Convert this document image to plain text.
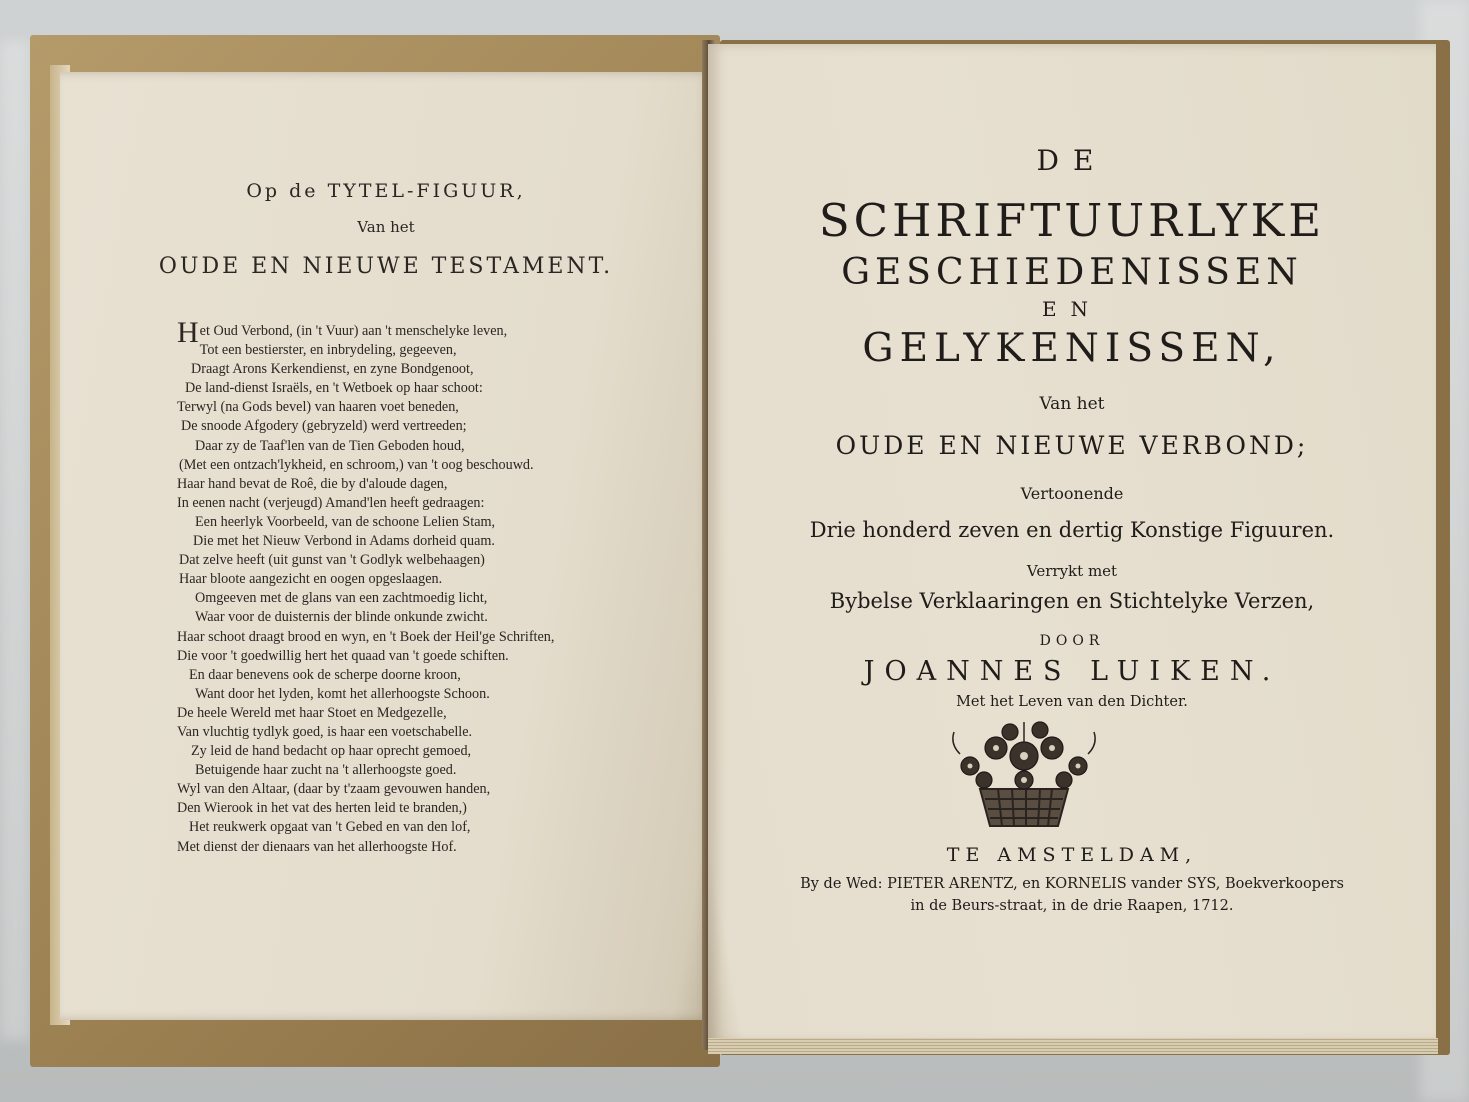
Op de TYTEL-FIGUUR,
Van het
OUDE EN NIEUWE TESTAMENT.
Het Oud Verbond, (in 't Vuur) aan 't menschelyke leven,
Tot een bestierster, en inbrydeling, gegeeven,
Draagt Arons Kerkendienst, en zyne Bondgenoot,
De land-dienst Israëls, en 't Wetboek op haar schoot:
Terwyl (na Gods bevel) van haaren voet beneden,
De snoode Afgodery (gebryzeld) werd vertreeden;
Daar zy de Taaf'len van de Tien Geboden houd,
(Met een ontzach'lykheid, en schroom,) van 't oog beschouwd.
Haar hand bevat de Roê, die by d'aloude dagen,
In eenen nacht (verjeugd) Amand'len heeft gedraagen:
Een heerlyk Voorbeeld, van de schoone Lelien Stam,
Die met het Nieuw Verbond in Adams dorheid quam.
Dat zelve heeft (uit gunst van 't Godlyk welbehaagen)
Haar bloote aangezicht en oogen opgeslaagen.
Omgeeven met de glans van een zachtmoedig licht,
Waar voor de duisternis der blinde onkunde zwicht.
Haar schoot draagt brood en wyn, en 't Boek der Heil'ge Schriften,
Die voor 't goedwillig hert het quaad van 't goede schiften.
En daar benevens ook de scherpe doorne kroon,
Want door het lyden, komt het allerhoogste Schoon.
De heele Wereld met haar Stoet en Medgezelle,
Van vluchtig tydlyk goed, is haar een voetschabelle.
Zy leid de hand bedacht op haar oprecht gemoed,
Betuigende haar zucht na 't allerhoogste goed.
Wyl van den Altaar, (daar by t'zaam gevouwen handen,
Den Wierook in het vat des herten leid te branden,)
Het reukwerk opgaat van 't Gebed en van den lof,
Met dienst der dienaars van het allerhoogste Hof.
DE
SCHRIFTUURLYKE
GESCHIEDENISSEN
EN
GELYKENISSEN,
Van het
OUDE EN NIEUWE VERBOND;
Vertoonende
Drie honderd zeven en dertig Konstige Figuuren.
Verrykt met
Bybelse Verklaaringen en Stichtelyke Verzen,
DOOR
JOANNES LUIKEN.
Met het Leven van den Dichter.
TE AMSTELDAM,
By de Wed: PIETER ARENTZ, en KORNELIS vander SYS, Boekverkoopers
in de Beurs-straat, in de drie Raapen, 1712.
